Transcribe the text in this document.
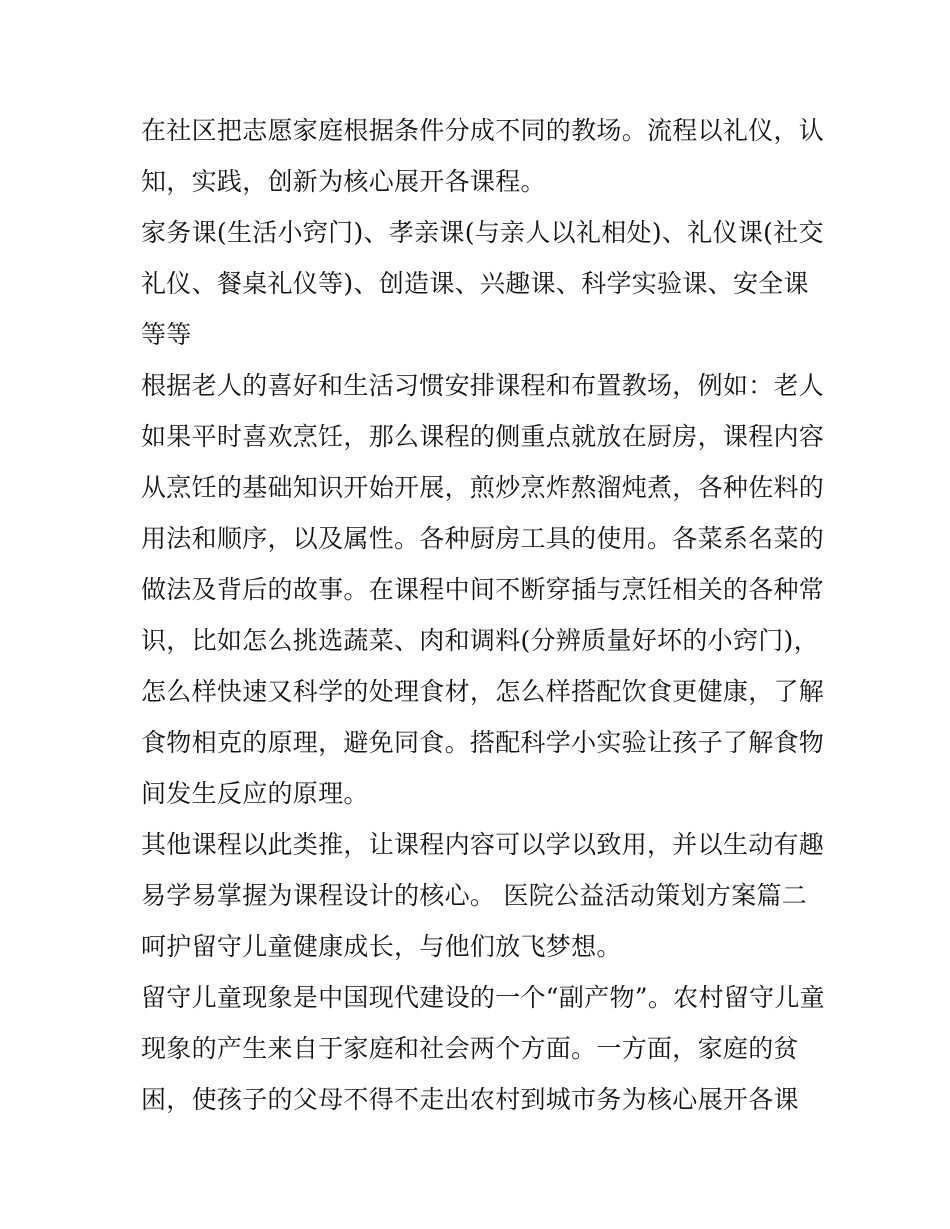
在社区把志愿家庭根据条件分成不同的教场。流程以礼仪，认
知，实践，创新为核心展开各课程。
家务课(生活小窍门)、孝亲课(与亲人以礼相处)、礼仪课(社交
礼仪、餐桌礼仪等)、创造课、兴趣课、科学实验课、安全课
等等
根据老人的喜好和生活习惯安排课程和布置教场，例如：老人
如果平时喜欢烹饪，那么课程的侧重点就放在厨房，课程内容
从烹饪的基础知识开始开展，煎炒烹炸熬溜炖煮，各种佐料的
用法和顺序，以及属性。各种厨房工具的使用。各菜系名菜的
做法及背后的故事。在课程中间不断穿插与烹饪相关的各种常
识，比如怎么挑选蔬菜、肉和调料(分辨质量好坏的小窍门)，
怎么样快速又科学的处理食材，怎么样搭配饮食更健康，了解
食物相克的原理，避免同食。搭配科学小实验让孩子了解食物
间发生反应的原理。
其他课程以此类推，让课程内容可以学以致用，并以生动有趣
易学易掌握为课程设计的核心。 医院公益活动策划方案篇二
呵护留守儿童健康成长，与他们放飞梦想。
留守儿童现象是中国现代建设的一个“副产物”。农村留守儿童
现象的产生来自于家庭和社会两个方面。一方面，家庭的贫
困，使孩子的父母不得不走出农村到城市务为核心展开各课
